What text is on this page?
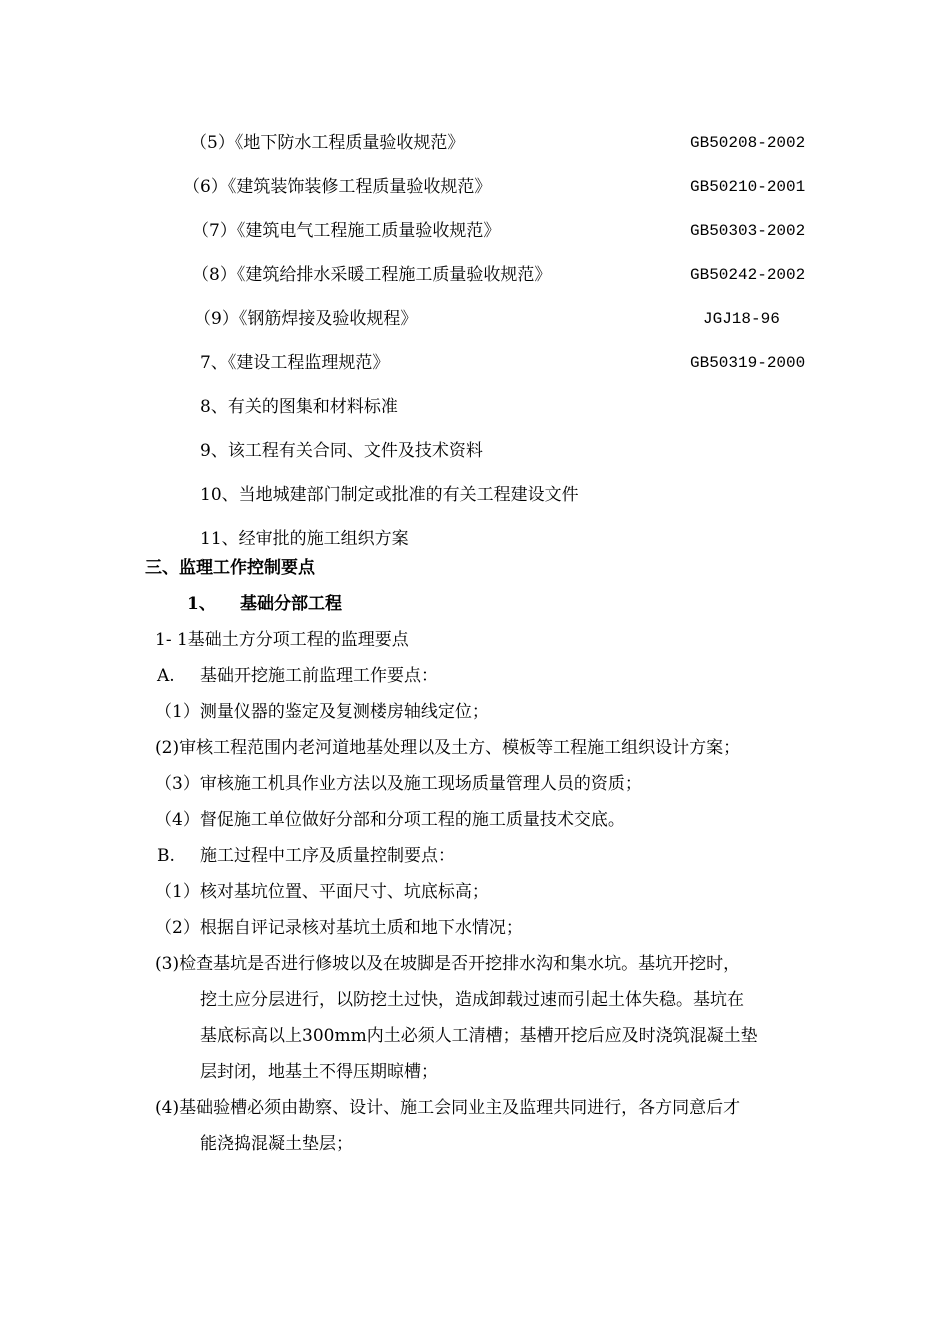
（5）《地下防水工程质量验收规范》	GB50208-2002
（6）《建筑装饰装修工程质量验收规范》	GB50210-2001
（7）《建筑电气工程施工质量验收规范》	GB50303-2002
（8）《建筑给排水采暖工程施工质量验收规范》	GB50242-2002
（9）《钢筋焊接及验收规程》	JGJ18-96
7、《建设工程监理规范》	GB50319-2000
8、有关的图集和材料标准
9、该工程有关合同、文件及技术资料
10、当地城建部门制定或批准的有关工程建设文件
11、经审批的施工组织方案
三、监理工作控制要点
1、 基础分部工程
1- 1基础土方分项工程的监理要点
A. 基础开挖施工前监理工作要点：
（1）测量仪器的鉴定及复测楼房轴线定位；
(2)审核工程范围内老河道地基处理以及土方、模板等工程施工组织设计方案；
（3）审核施工机具作业方法以及施工现场质量管理人员的资质；
（4）督促施工单位做好分部和分项工程的施工质量技术交底。
B. 施工过程中工序及质量控制要点：
（1）核对基坑位置、平面尺寸、坑底标高；
（2）根据自评记录核对基坑土质和地下水情况；
(3)检查基坑是否进行修坡以及在坡脚是否开挖排水沟和集水坑。基坑开挖时，
挖土应分层进行，以防挖土过快，造成卸载过速而引起土体失稳。基坑在
基底标高以上300mm内土必须人工清槽；基槽开挖后应及时浇筑混凝土垫
层封闭，地基土不得压期晾槽；
(4)基础验槽必须由勘察、设计、施工会同业主及监理共同进行，各方同意后才
能浇捣混凝土垫层；
